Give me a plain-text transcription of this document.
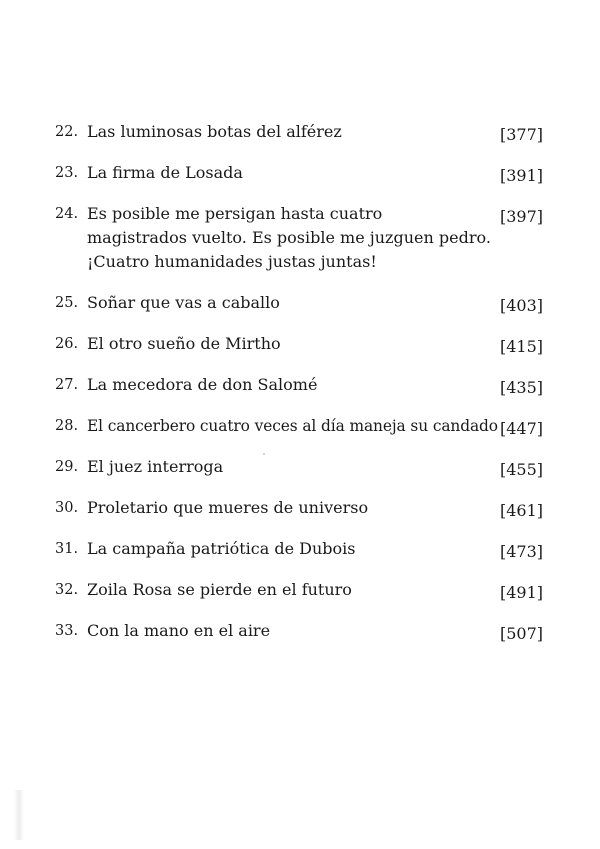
22. Las luminosas botas del alférez	[377]
23. La firma de Losada	[391]
24. Es posible me persigan hasta cuatro
magistrados vuelto. Es posible me juzguen pedro.
¡Cuatro humanidades justas juntas!
[397]
25. Soñar que vas a caballo	[403]
26. El otro sueño de Mirtho	[415]
27. La mecedora de don Salomé	[435]
28. El cancerbero cuatro veces al día maneja su candado [447]
29. El juez interroga	[455]
30. Proletario que mueres de universo	[461]
31. La campaña patriótica de Dubois	[473]
32. Zoila Rosa se pierde en el futuro	[491]
33. Con la mano en el aire	[507]
